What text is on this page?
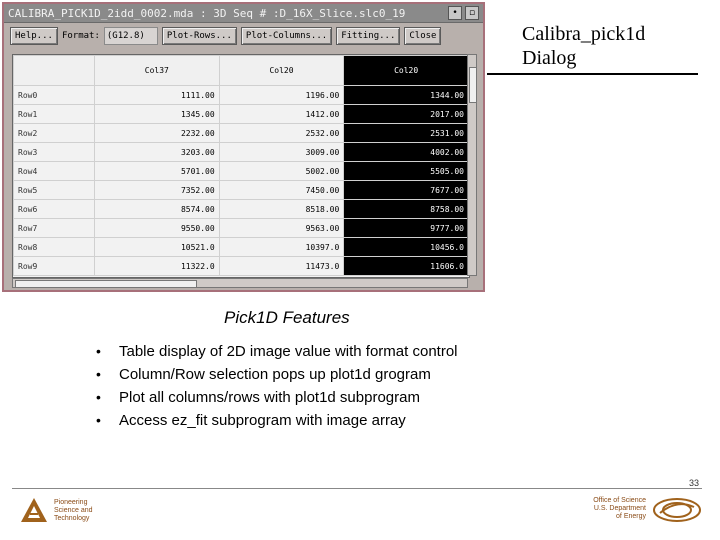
CALIBRA_PICK1D_2idd_0002.mda : 3D Seq # :D_16X_Slice.slc0_19	•	▫
Help...	Format: (G12.8)	Plot-Rows...	Plot-Columns...	Fitting...	Close
	Col37	Col20	Col20
Row0	1111.00	1196.00	1344.00
Row1	1345.00	1412.00	2017.00
Row2	2232.00	2532.00	2531.00
Row3	3203.00	3009.00	4002.00
Row4	5701.00	5002.00	5505.00
Row5	7352.00	7450.00	7677.00
Row6	8574.00	8518.00	8758.00
Row7	9550.00	9563.00	9777.00
Row8	10521.0	10397.0	10456.0
Row9	11322.0	11473.0	11606.0
Calibra_pick1d
Dialog
Pick1D Features
• Table display of 2D image value with format control
• Column/Row selection pops up plot1d grogram
• Plot all columns/rows with plot1d subprogram
• Access ez_fit subprogram with image array
33
Pioneering
Science and
Technology
Office of Science
U.S. Department
of Energy
